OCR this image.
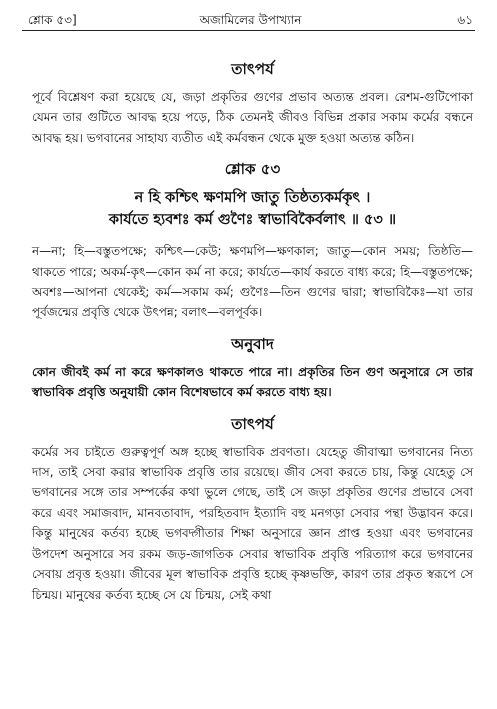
শ্লোক ৫৩]	অজামিলের উপাখ্যান	৬১
তাৎপর্য

পূর্বে বিশ্লেষণ করা হয়েছে যে, জড়া প্রকৃতির গুণের প্রভাব অত্যন্ত প্রবল। রেশম-গুটিপোকা যেমন তার গুটিতে আবদ্ধ হয়ে পড়ে, ঠিক তেমনই জীবও বিভিন্ন প্রকার সকাম কর্মের বন্ধনে আবদ্ধ হয়। ভগবানের সাহায্য ব্যতীত এই কর্মবন্ধন থেকে মুক্ত হওয়া অত্যন্ত কঠিন।

শ্লোক ৫৩

ন হি কশ্চিৎ ক্ষণমপি জাতু তিষ্ঠত্যকর্মকৃৎ ।

কার্যতে হ্যবশঃ কর্ম গুণৈঃ স্বাভাবিকৈর্বলাৎ ॥ ৫৩ ॥

ন—না; হি—বস্তুতপক্ষে; কশ্চিৎ—কেউ; ক্ষণমপি—ক্ষণকাল; জাতু—কোন সময়; তিষ্ঠতি—থাকতে পারে; অকর্ম-কৃৎ—কোন কর্ম না করে; কার্যতে—কার্য করতে বাধ্য করে; হি—বস্তুতপক্ষে; অবশঃ—আপনা থেকেই; কর্ম—সকাম কর্ম; গুণৈঃ—তিন গুণের দ্বারা; স্বাভাবিকৈঃ—যা তার পূর্বজন্মের প্রবৃত্তি থেকে উৎপন্ন; বলাৎ—বলপূর্বক।

অনুবাদ

কোন জীবই কর্ম না করে ক্ষণকালও থাকতে পারে না। প্রকৃতির তিন গুণ অনুসারে সে তার স্বাভাবিক প্রবৃত্তি অনুযায়ী কোন বিশেষভাবে কর্ম করতে বাধ্য হয়।

তাৎপর্য

কর্মের সব চাইতে গুরুত্বপূর্ণ অঙ্গ হচ্ছে স্বাভাবিক প্রবণতা। যেহেতু জীবাত্মা ভগবানের নিত্য দাস, তাই সেবা করার স্বাভাবিক প্রবৃত্তি তার রয়েছে। জীব সেবা করতে চায়, কিন্তু যেহেতু সে ভগবানের সঙ্গে তার সম্পর্কের কথা ভুলে গেছে, তাই সে জড়া প্রকৃতির গুণের প্রভাবে সেবা করে এবং সমাজবাদ, মানবতাবাদ, পরহিতবাদ ইত্যাদি বহু মনগড়া সেবার পন্থা উদ্ভাবন করে। কিন্তু মানুষের কর্তব্য হচ্ছে ভগবদ্গীতার শিক্ষা অনুসারে জ্ঞান প্রাপ্ত হওয়া এবং ভগবানের উপদেশ অনুসারে সব রকম জড়-জাগতিক সেবার স্বাভাবিক প্রবৃত্তি পরিত্যাগ করে ভগবানের সেবায় প্রবৃত্ত হওয়া। জীবের মূল স্বাভাবিক প্রবৃত্তি হচ্ছে কৃষ্ণভক্তি, কারণ তার প্রকৃত স্বরূপে সে চিন্ময়। মানুষের কর্তব্য হচ্ছে সে যে চিন্ময়, সেই কথা
